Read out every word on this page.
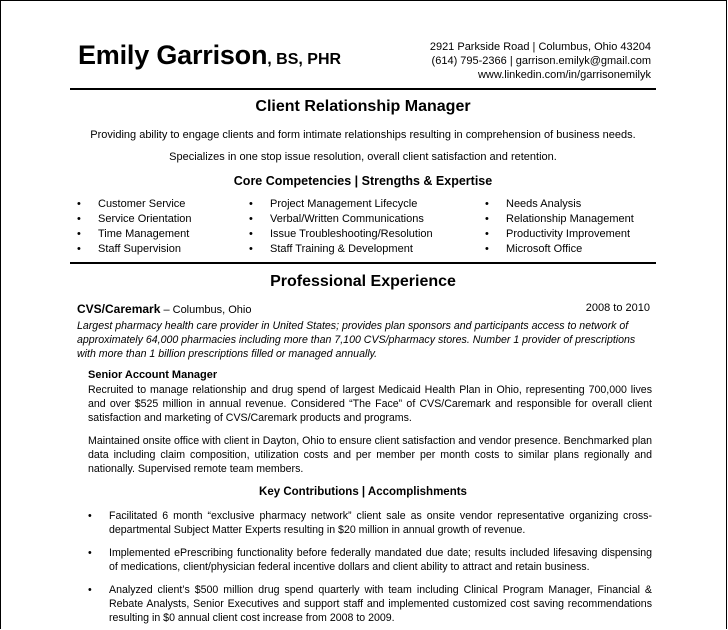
Emily Garrison, BS, PHR
2921 Parkside Road | Columbus, Ohio 43204
(614) 795-2366 | garrison.emilyk@gmail.com
www.linkedin.com/in/garrisonemilyk
Client Relationship Manager
Providing ability to engage clients and form intimate relationships resulting in comprehension of business needs.
Specializes in one stop issue resolution, overall client satisfaction and retention.
Core Competencies | Strengths & Expertise
• Customer Service
• Service Orientation
• Time Management
• Staff Supervision
• Project Management Lifecycle
• Verbal/Written Communications
• Issue Troubleshooting/Resolution
• Staff Training & Development
• Needs Analysis
• Relationship Management
• Productivity Improvement
• Microsoft Office
Professional Experience
CVS/Caremark – Columbus, Ohio	2008 to 2010
Largest pharmacy health care provider in United States; provides plan sponsors and participants access to network of approximately 64,000 pharmacies including more than 7,100 CVS/pharmacy stores. Number 1 provider of prescriptions with more than 1 billion prescriptions filled or managed annually.
Senior Account Manager
Recruited to manage relationship and drug spend of largest Medicaid Health Plan in Ohio, representing 700,000 lives and over $525 million in annual revenue. Considered “The Face” of CVS/Caremark and responsible for overall client satisfaction and marketing of CVS/Caremark products and programs.
Maintained onsite office with client in Dayton, Ohio to ensure client satisfaction and vendor presence. Benchmarked plan data including claim composition, utilization costs and per member per month costs to similar plans regionally and nationally. Supervised remote team members.
Key Contributions | Accomplishments
• Facilitated 6 month “exclusive pharmacy network” client sale as onsite vendor representative organizing cross-departmental Subject Matter Experts resulting in $20 million in annual growth of revenue.
• Implemented ePrescribing functionality before federally mandated due date; results included lifesaving dispensing of medications, client/physician federal incentive dollars and client ability to attract and retain business.
• Analyzed client’s $500 million drug spend quarterly with team including Clinical Program Manager, Financial & Rebate Analysts, Senior Executives and support staff and implemented customized cost saving recommendations resulting in $0 annual client cost increase from 2008 to 2009.
